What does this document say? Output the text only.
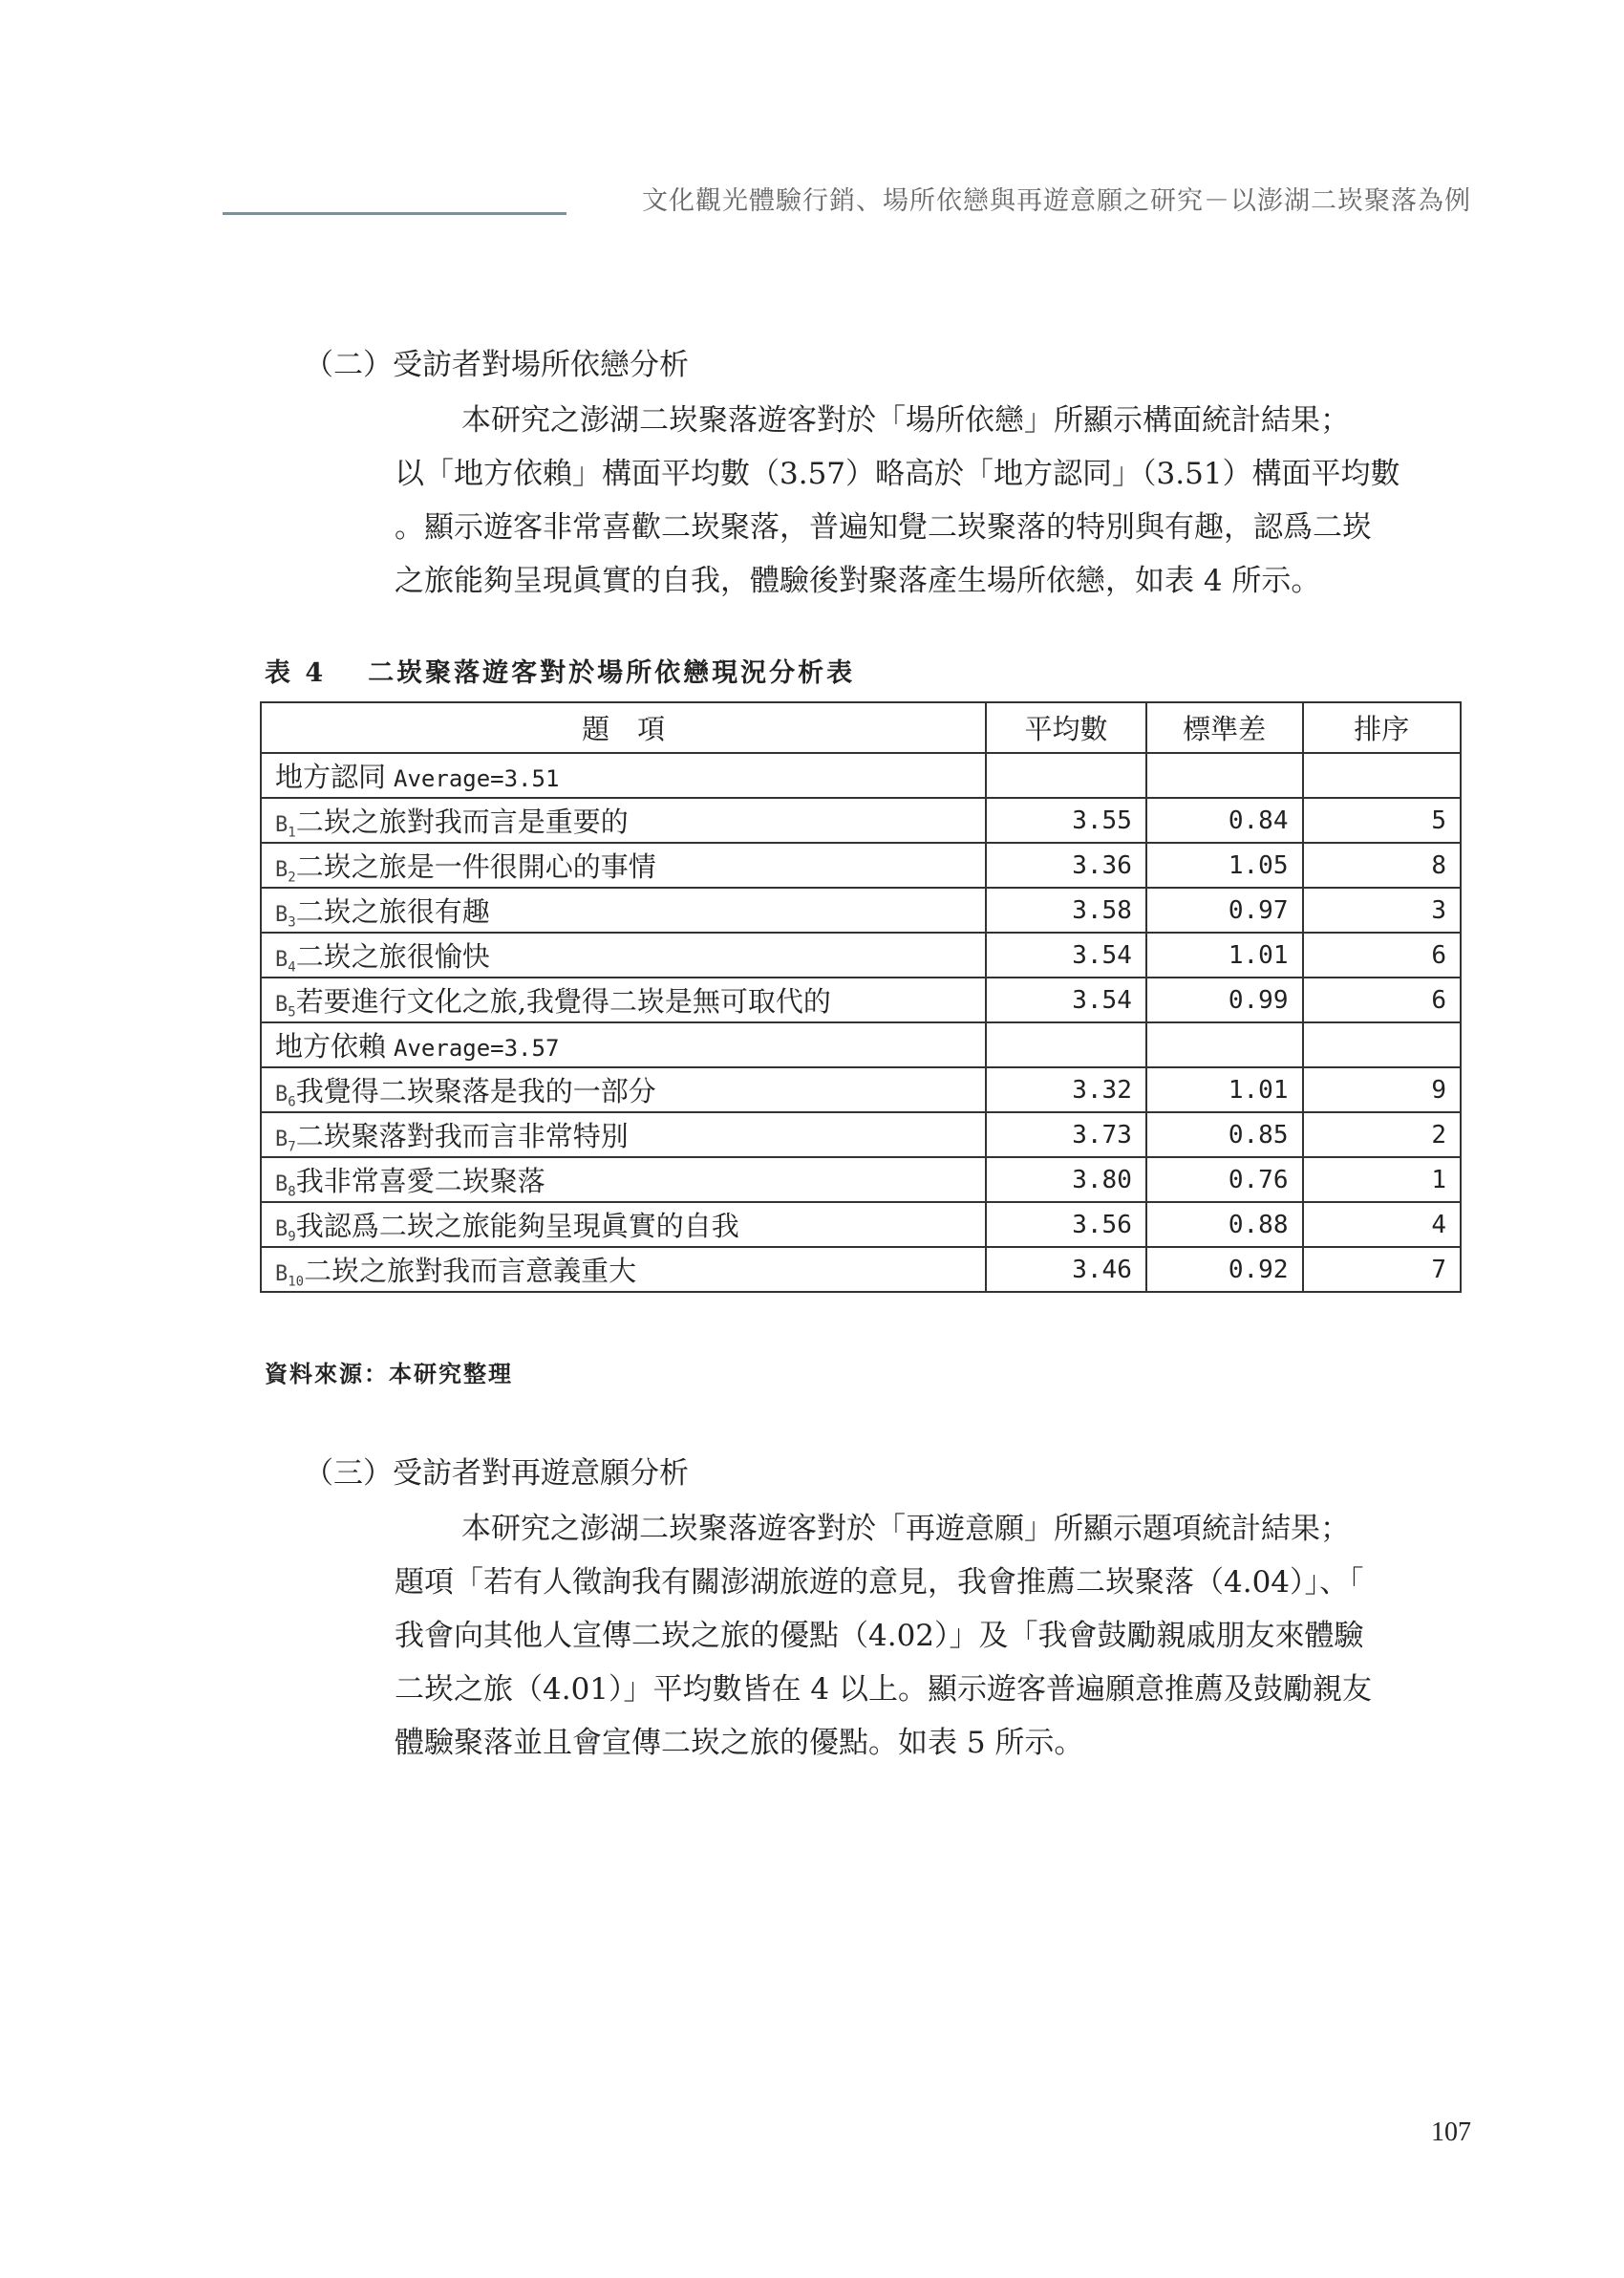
文化觀光體驗行銷、場所依戀與再遊意願之研究－以澎湖二崁聚落為例
（二）受訪者對場所依戀分析
本研究之澎湖二崁聚落遊客對於「場所依戀」所顯示構面統計結果；
以「地方依賴」構面平均數（3.57）略高於「地方認同」（3.51）構面平均數
。顯示遊客非常喜歡二崁聚落，普遍知覺二崁聚落的特別與有趣，認爲二崁
之旅能夠呈現眞實的自我，體驗後對聚落產生場所依戀，如表 4 所示。
表 4 二崁聚落遊客對於場所依戀現況分析表
題　項	平均數	標準差	排序
地方認同 Average=3.51			
$B_1$二崁之旅對我而言是重要的	3.55	0.84	5
$B_2$二崁之旅是一件很開心的事情	3.36	1.05	8
$B_3$二崁之旅很有趣	3.58	0.97	3
$B_4$二崁之旅很愉快	3.54	1.01	6
$B_5$若要進行文化之旅,我覺得二崁是無可取代的	3.54	0.99	6
地方依賴 Average=3.57			
$B_6$我覺得二崁聚落是我的一部分	3.32	1.01	9
$B_7$二崁聚落對我而言非常特別	3.73	0.85	2
$B_8$我非常喜愛二崁聚落	3.80	0.76	1
$B_9$我認爲二崁之旅能夠呈現眞實的自我	3.56	0.88	4
$B_{10}$二崁之旅對我而言意義重大	3.46	0.92	7
資料來源：本研究整理
（三）受訪者對再遊意願分析
本研究之澎湖二崁聚落遊客對於「再遊意願」所顯示題項統計結果；
題項「若有人徵詢我有關澎湖旅遊的意見，我會推薦二崁聚落（4.04）」、「
我會向其他人宣傳二崁之旅的優點（4.02）」及「我會鼓勵親戚朋友來體驗
二崁之旅（4.01）」平均數皆在 4 以上。顯示遊客普遍願意推薦及鼓勵親友
體驗聚落並且會宣傳二崁之旅的優點。如表 5 所示。
107
